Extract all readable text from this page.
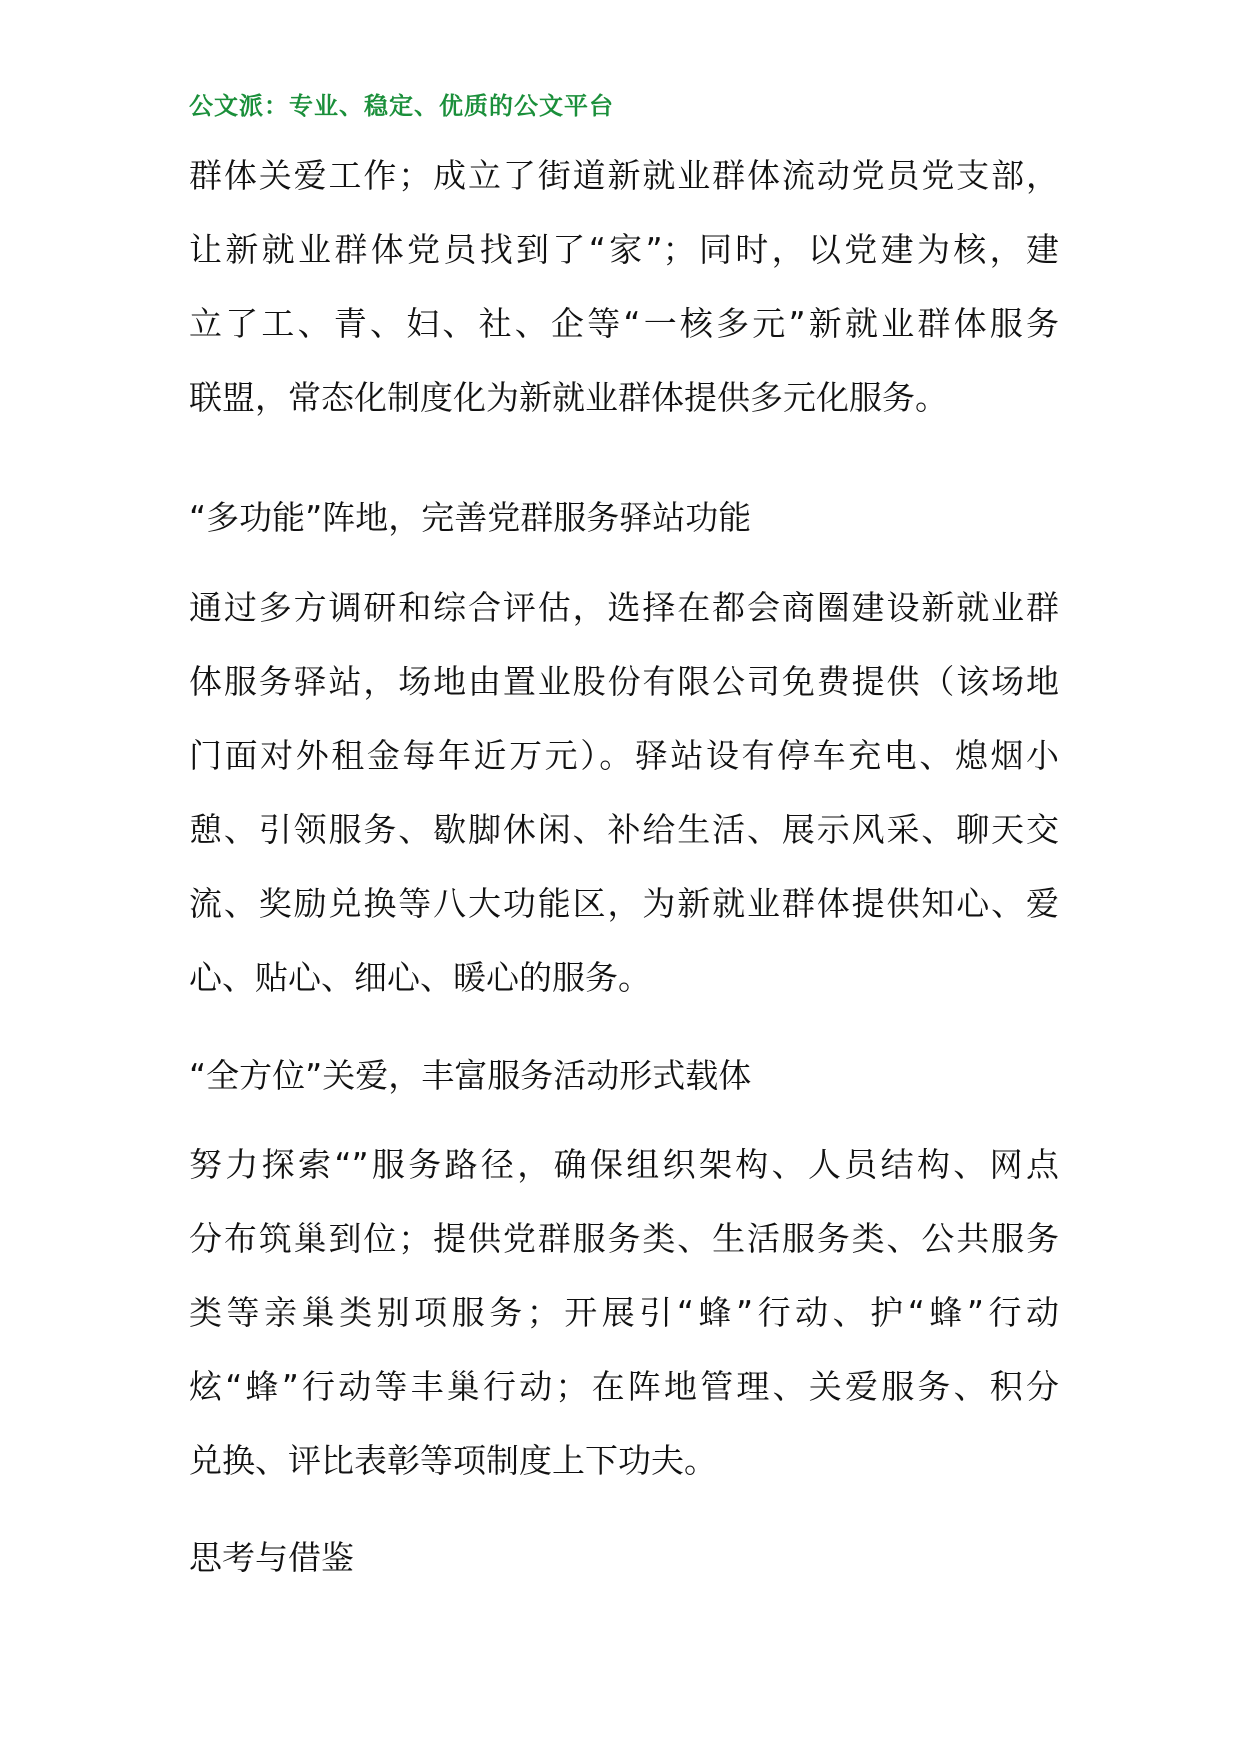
公文派：专业、稳定、优质的公文平台
群体关爱工作；成立了街道新就业群体流动党员党支部，
让新就业群体党员找到了“家”；同时，以党建为核，建
立了工、青、妇、社、企等“一核多元”新就业群体服务
联盟，常态化制度化为新就业群体提供多元化服务。
“多功能”阵地，完善党群服务驿站功能
通过多方调研和综合评估，选择在都会商圈建设新就业群
体服务驿站，场地由置业股份有限公司免费提供（该场地
门面对外租金每年近万元）。驿站设有停车充电、熄烟小
憩、引领服务、歇脚休闲、补给生活、展示风采、聊天交
流、奖励兑换等八大功能区，为新就业群体提供知心、爱
心、贴心、细心、暖心的服务。
“全方位”关爱，丰富服务活动形式载体
努力探索“”服务路径，确保组织架构、人员结构、网点
分布筑巢到位；提供党群服务类、生活服务类、公共服务
类等亲巢类别项服务；开展引“蜂”行动、护“蜂”行动
炫“蜂”行动等丰巢行动；在阵地管理、关爱服务、积分
兑换、评比表彰等项制度上下功夫。
思考与借鉴
